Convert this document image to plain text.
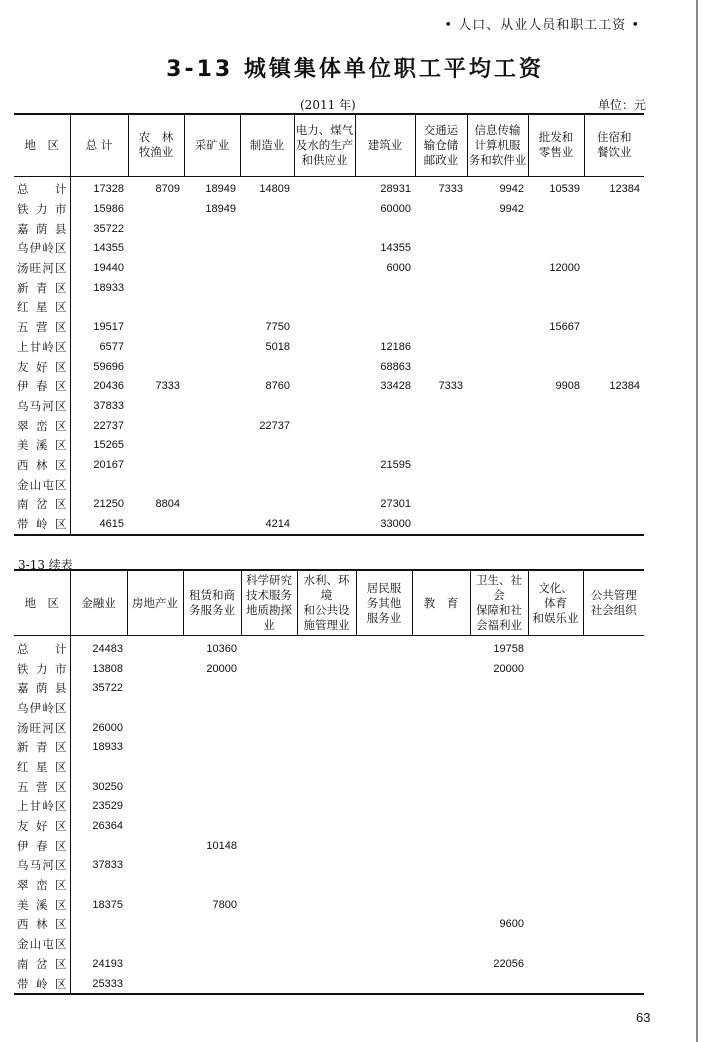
• 人口、从业人员和职工工资 •
3-13 城镇集体单位职工平均工资
(2011 年)	单位：元
地　区	总 计	农　林
牧渔业	采矿业	制造业	电力、煤气
及水的生产
和供应业	建筑业	交通运
输仓储
邮政业	信息传输
计算机服
务和软件业	批发和
零售业	住宿和
餐饮业
总　计	17328	8709	18949	14809		28931	7333	9942	10539	12384
铁力市	15986		18949			60000		9942		
嘉荫县	35722									
乌伊岭区	14355					14355				
汤旺河区	19440					6000			12000	
新青区	18933									
红星区										
五营区	19517			7750					15667	
上甘岭区	6577			5018		12186				
友好区	59696					68863				
伊春区	20436	7333		8760		33428	7333		9908	12384
乌马河区	37833									
翠峦区	22737			22737						
美溪区	15265									
西林区	20167					21595				
金山屯区										
南岔区	21250	8804				27301				
带岭区	4615			4214		33000				
3-13 续表
地　区	金融业	房地产业	租赁和商
务服务业	科学研究
技术服务
地质勘探业	水利、环境
和公共设
施管理业	居民服
务其他
服务业	教　育	卫生、社会
保障和社
会福利业	文化、
体育
和娱乐业	公共管理
社会组织
总　计	24483		10360					19758		
铁力市	13808		20000					20000		
嘉荫县	35722									
乌伊岭区										
汤旺河区	26000									
新青区	18933									
红星区										
五营区	30250									
上甘岭区	23529									
友好区	26364									
伊春区			10148							
乌马河区	37833									
翠峦区										
美溪区	18375		7800							
西林区								9600		
金山屯区										
南岔区	24193							22056		
带岭区	25333									
63
